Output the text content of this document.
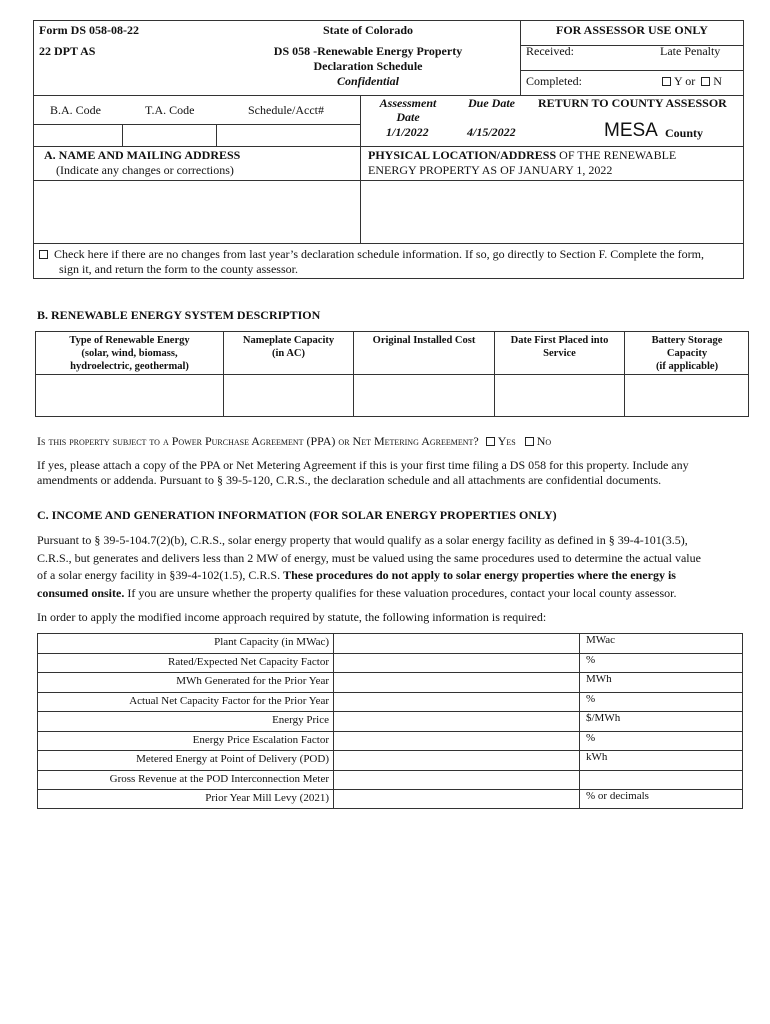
Form DS 058-08-22
22 DPT AS
State of Colorado
DS 058 -Renewable Energy Property
Declaration Schedule
Confidential
FOR ASSESSOR USE ONLY
Received:	Late Penalty
Completed:	Y or N
B.A. Code	T.A. Code	Schedule/Acct#	Assessment
Date
1/1/2022
Due Date
4/15/2022
RETURN TO COUNTY ASSESSOR
MESA County
A. NAME AND MAILING ADDRESS
(Indicate any changes or corrections)
PHYSICAL LOCATION/ADDRESS OF THE RENEWABLE
ENERGY PROPERTY AS OF JANUARY 1, 2022
Check here if there are no changes from last year’s declaration schedule information. If so, go directly to Section F. Complete the form,
sign it, and return the form to the county assessor.
B. RENEWABLE ENERGY SYSTEM DESCRIPTION
Type of Renewable Energy
(solar, wind, biomass,
hydroelectric, geothermal)
Nameplate Capacity
(in AC)
Original Installed Cost	Date First Placed into
Service
Battery Storage
Capacity
(if applicable)
Is this property subject to a Power Purchase Agreement (PPA) or Net Metering Agreement? Yes No
If yes, please attach a copy of the PPA or Net Metering Agreement if this is your first time filing a DS 058 for this property. Include any
amendments or addenda. Pursuant to § 39-5-120, C.R.S., the declaration schedule and all attachments are confidential documents.
C. INCOME AND GENERATION INFORMATION (FOR SOLAR ENERGY PROPERTIES ONLY)
Pursuant to § 39-5-104.7(2)(b), C.R.S., solar energy property that would qualify as a solar energy facility as defined in § 39-4-101(3.5),
C.R.S., but generates and delivers less than 2 MW of energy, must be valued using the same procedures used to determine the actual value
of a solar energy facility in §39-4-102(1.5), C.R.S. These procedures do not apply to solar energy properties where the energy is
consumed onsite. If you are unsure whether the property qualifies for these valuation procedures, contact your local county assessor.
In order to apply the modified income approach required by statute, the following information is required:
Plant Capacity (in MWac)	MWac
Rated/Expected Net Capacity Factor	%
MWh Generated for the Prior Year	MWh
Actual Net Capacity Factor for the Prior Year	%
Energy Price	$/MWh
Energy Price Escalation Factor	%
Metered Energy at Point of Delivery (POD)	kWh
Gross Revenue at the POD Interconnection Meter
Prior Year Mill Levy (2021)	% or decimals
